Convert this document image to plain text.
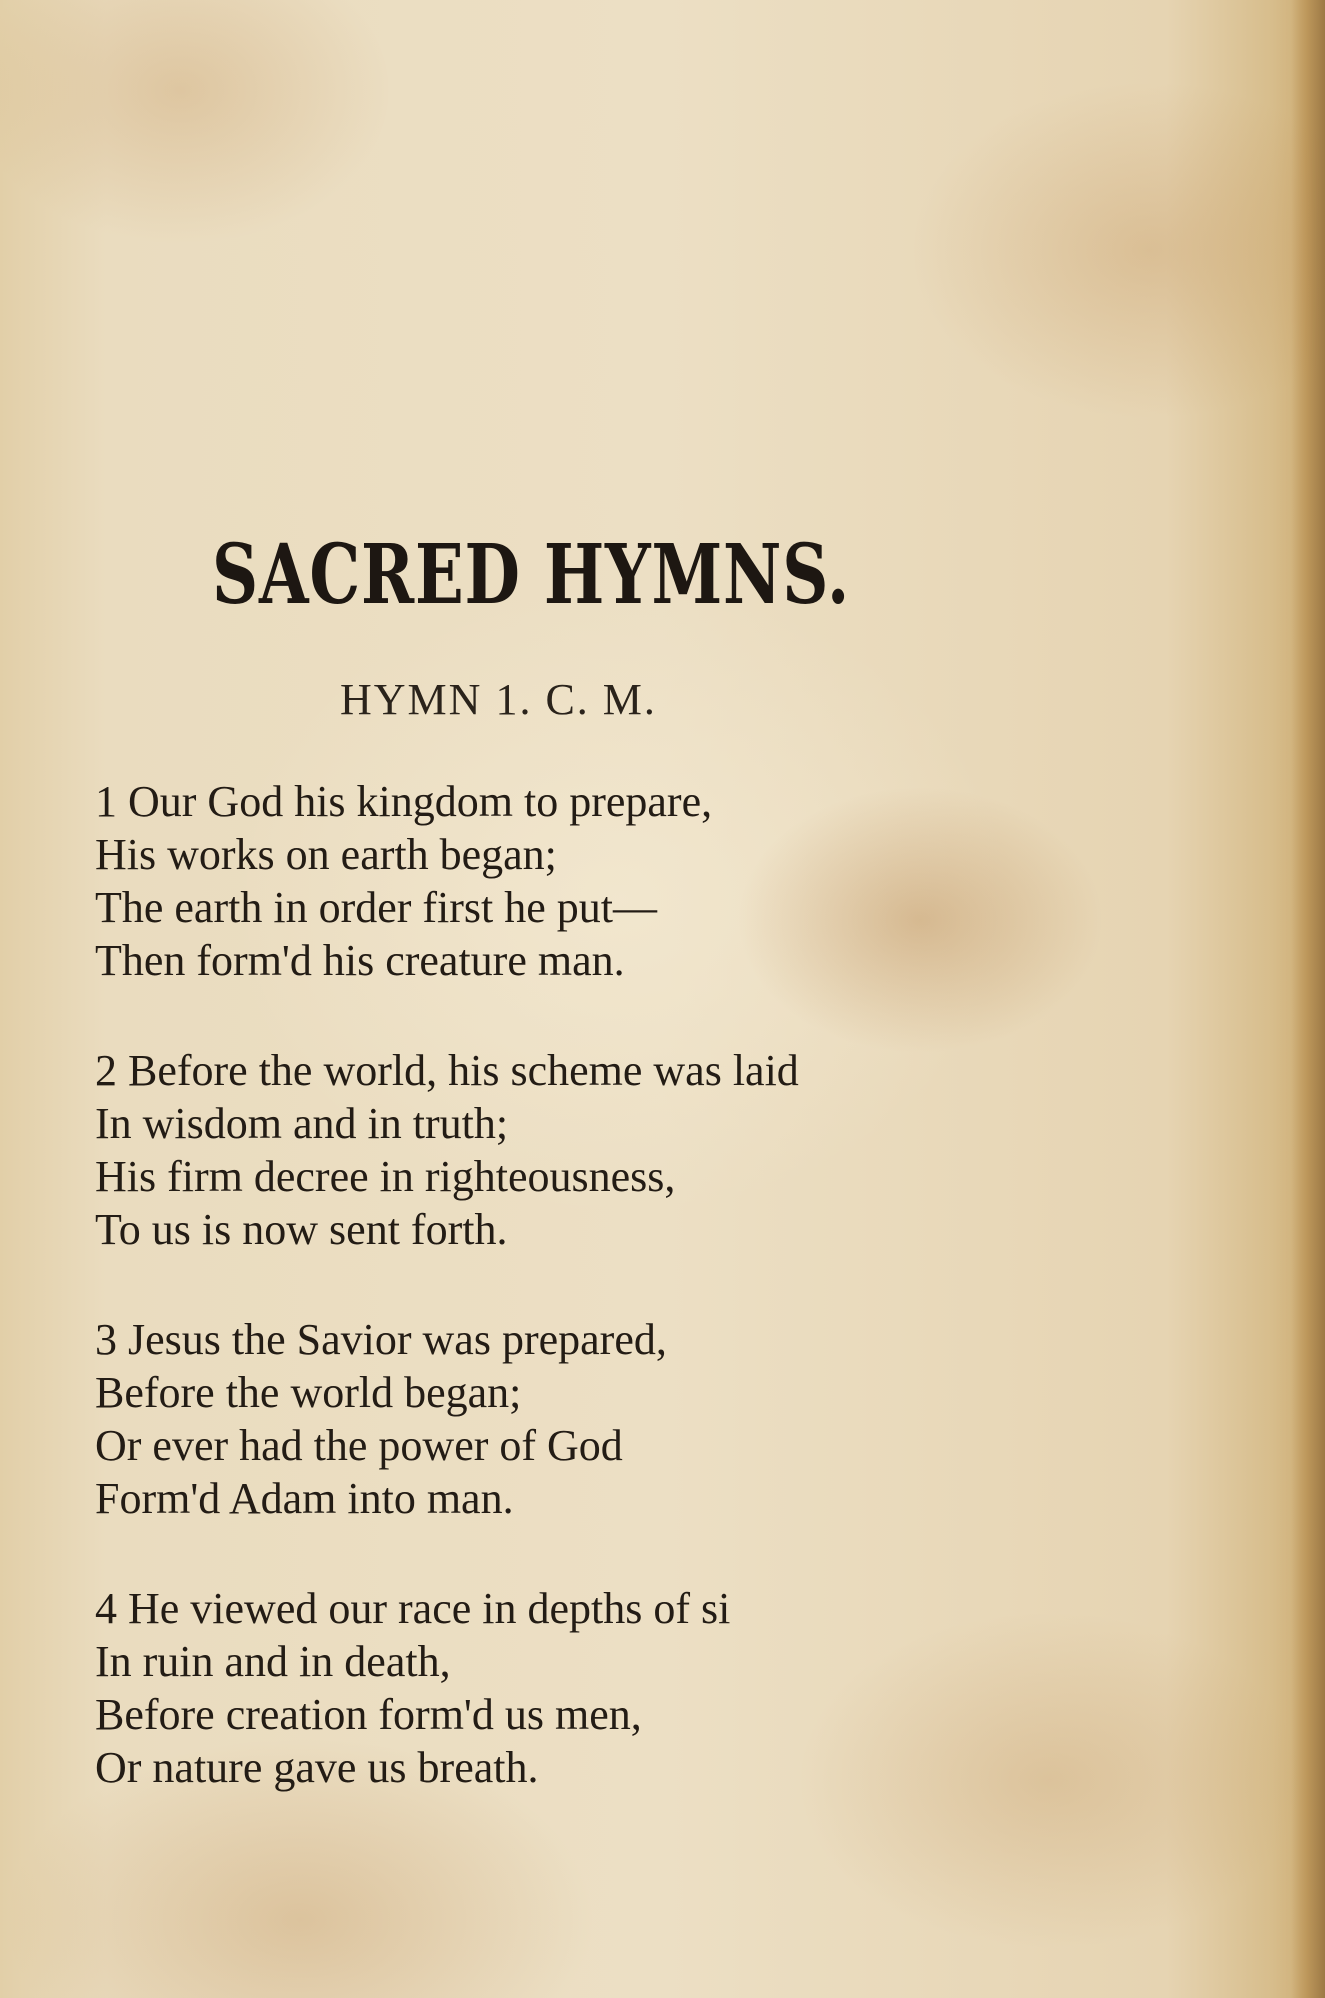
SACRED HYMNS.
HYMN 1. C. M.
1 Our God his kingdom to prepare,
His works on earth began;
The earth in order first he put—
Then form'd his creature man.
2 Before the world, his scheme was laid
In wisdom and in truth;
His firm decree in righteousness,
To us is now sent forth.
3 Jesus the Savior was prepared,
Before the world began;
Or ever had the power of God
Form'd Adam into man.
4 He viewed our race in depths of si
In ruin and in death,
Before creation form'd us men,
Or nature gave us breath.
